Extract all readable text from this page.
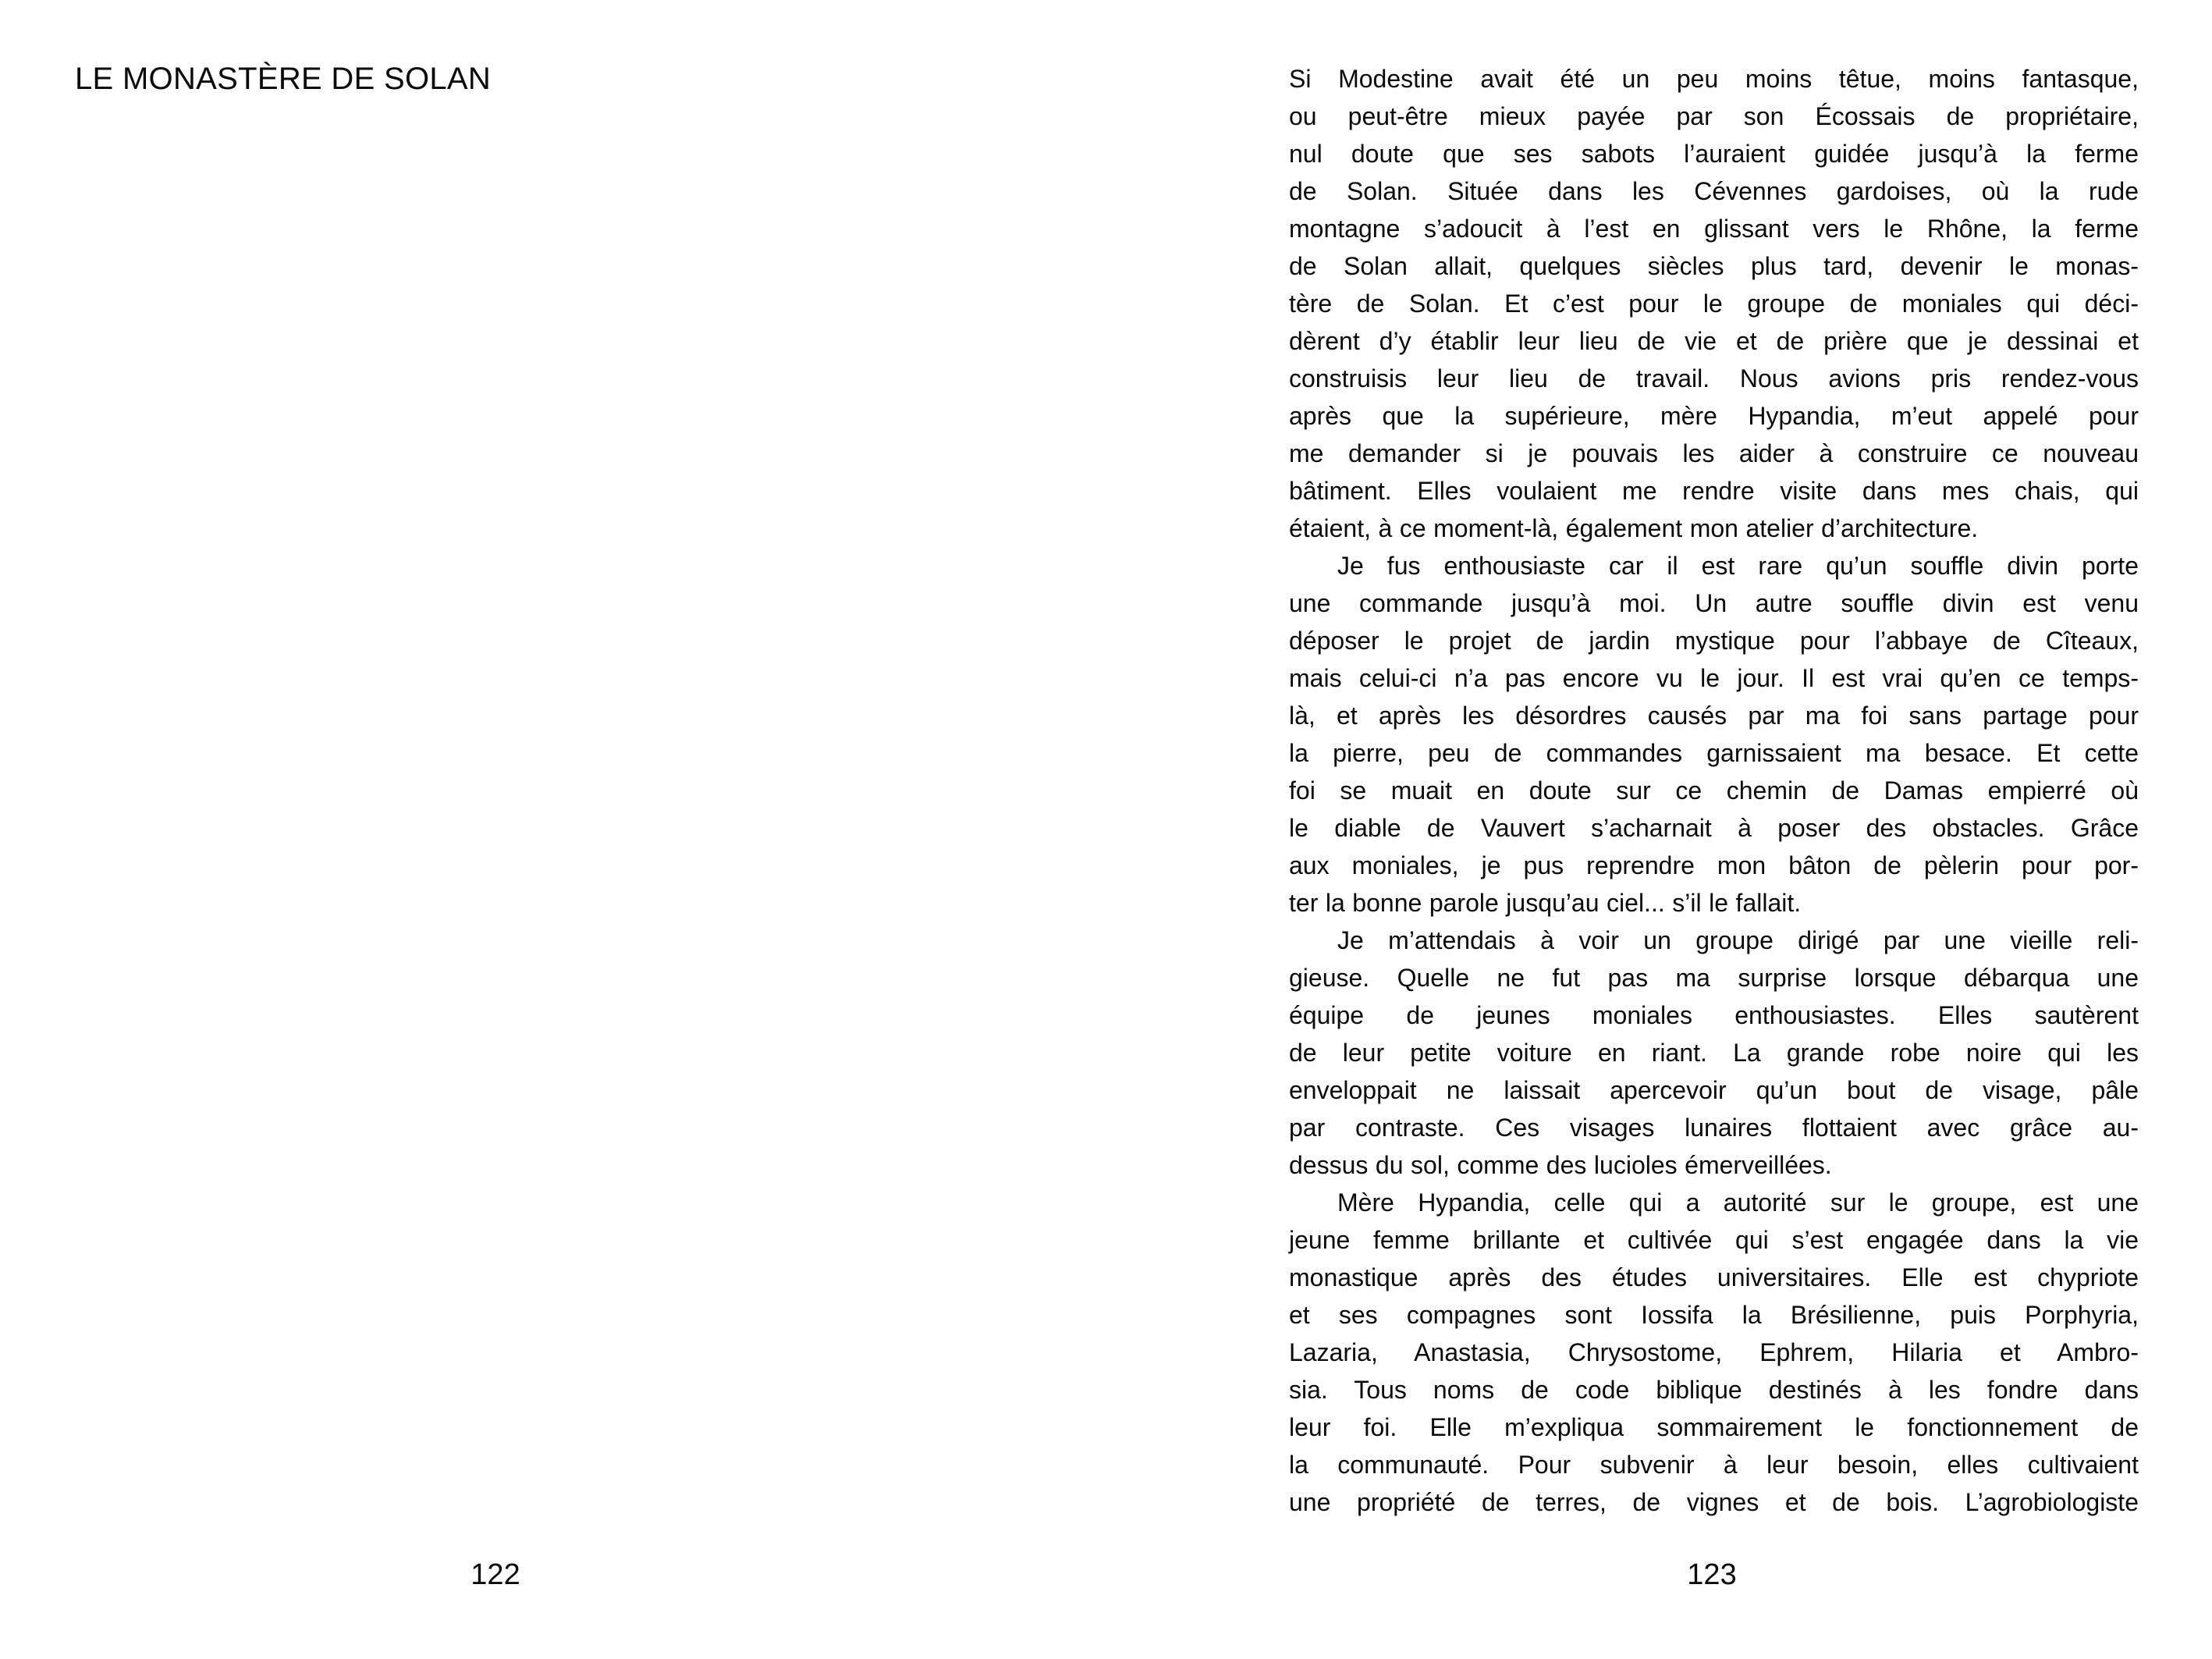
LE MONASTÈRE DE SOLAN
122
Si Modestine avait été un peu moins têtue, moins fantasque,
ou peut-être mieux payée par son Écossais de propriétaire,
nul doute que ses sabots l’auraient guidée jusqu’à la ferme
de Solan. Située dans les Cévennes gardoises, où la rude
montagne s’adoucit à l’est en glissant vers le Rhône, la ferme
de Solan allait, quelques siècles plus tard, devenir le monas-
tère de Solan. Et c’est pour le groupe de moniales qui déci-
dèrent d’y établir leur lieu de vie et de prière que je dessinai et
construisis leur lieu de travail. Nous avions pris rendez-vous
après que la supérieure, mère Hypandia, m’eut appelé pour
me demander si je pouvais les aider à construire ce nouveau
bâtiment. Elles voulaient me rendre visite dans mes chais, qui
étaient, à ce moment-là, également mon atelier d’architecture.
Je fus enthousiaste car il est rare qu’un souffle divin porte
une commande jusqu’à moi. Un autre souffle divin est venu
déposer le projet de jardin mystique pour l’abbaye de Cîteaux,
mais celui-ci n’a pas encore vu le jour. Il est vrai qu’en ce temps-
là, et après les désordres causés par ma foi sans partage pour
la pierre, peu de commandes garnissaient ma besace. Et cette
foi se muait en doute sur ce chemin de Damas empierré où
le diable de Vauvert s’acharnait à poser des obstacles. Grâce
aux moniales, je pus reprendre mon bâton de pèlerin pour por-
ter la bonne parole jusqu’au ciel... s’il le fallait.
Je m’attendais à voir un groupe dirigé par une vieille reli-
gieuse. Quelle ne fut pas ma surprise lorsque débarqua une
équipe de jeunes moniales enthousiastes. Elles sautèrent
de leur petite voiture en riant. La grande robe noire qui les
enveloppait ne laissait apercevoir qu’un bout de visage, pâle
par contraste. Ces visages lunaires flottaient avec grâce au-
dessus du sol, comme des lucioles émerveillées.
Mère Hypandia, celle qui a autorité sur le groupe, est une
jeune femme brillante et cultivée qui s’est engagée dans la vie
monastique après des études universitaires. Elle est chypriote
et ses compagnes sont Iossifa la Brésilienne, puis Porphyria,
Lazaria, Anastasia, Chrysostome, Ephrem, Hilaria et Ambro-
sia. Tous noms de code biblique destinés à les fondre dans
leur foi. Elle m’expliqua sommairement le fonctionnement de
la communauté. Pour subvenir à leur besoin, elles cultivaient
une propriété de terres, de vignes et de bois. L’agrobiologiste
123
